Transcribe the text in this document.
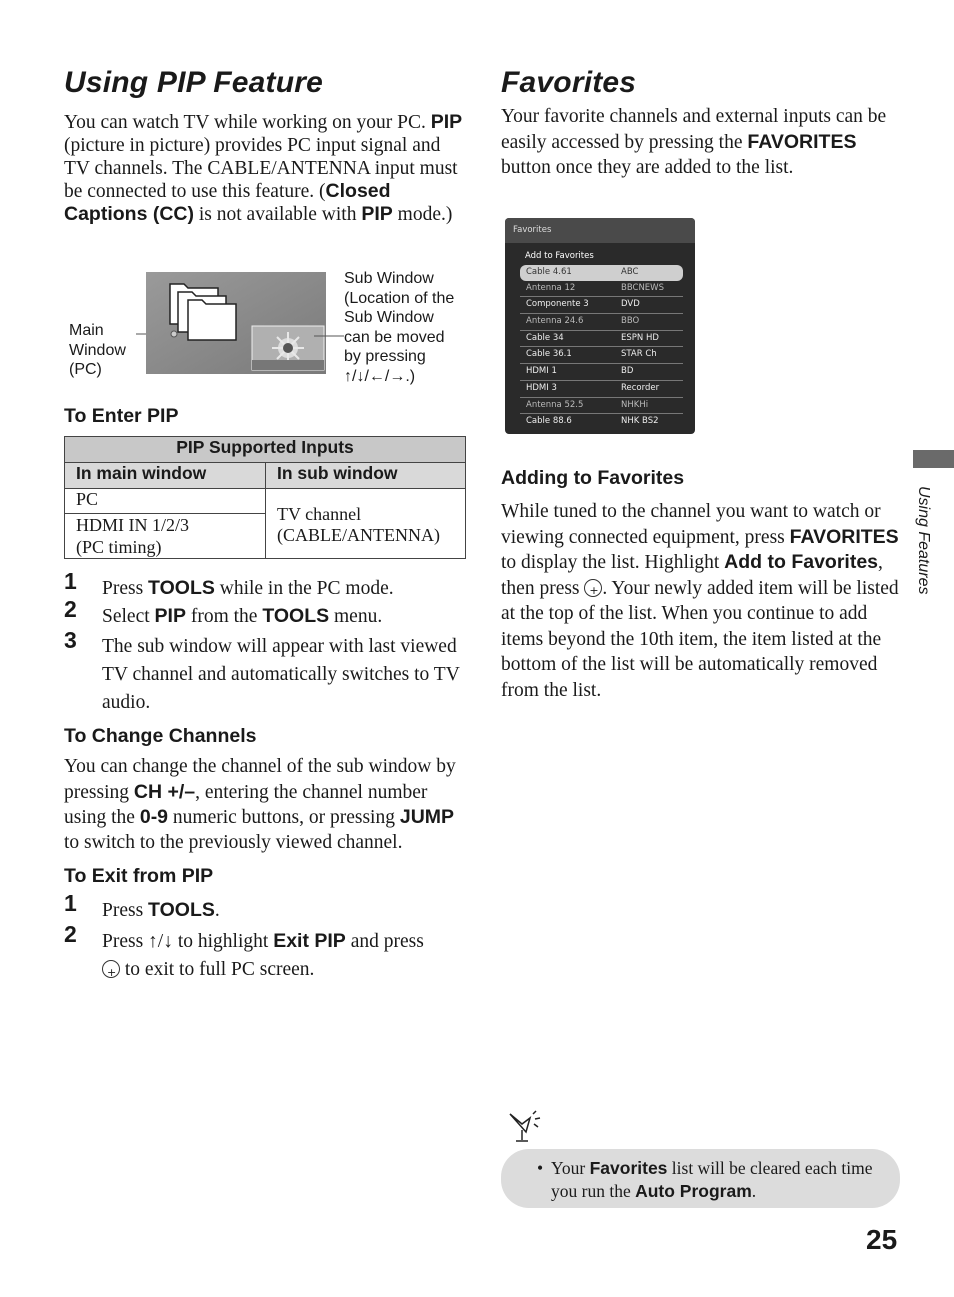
Using PIP Feature
You can watch TV while working on your PC. PIP (picture in picture) provides PC input signal and TV channels. The CABLE/ANTENNA input must be connected to use this feature. (Closed Captions (CC) is not available with PIP mode.)
Main
Window
(PC)
Sub Window
(Location of the
Sub Window
can be moved
by pressing
↑/↓/←/→.)
To Enter PIP
PIP Supported Inputs	
In main window	In sub window
PC	TV channel
(CABLE/ANTENNA)

HDMI IN 1/2/3
(PC timing)	
1 Press TOOLS while in the PC mode.
2 Select PIP from the TOOLS menu.
3 The sub window will appear with last viewed TV channel and automatically switches to TV audio.
To Change Channels
You can change the channel of the sub window by pressing CH +/–, entering the channel number using the 0-9 numeric buttons, or pressing JUMP to switch to the previously viewed channel.
To Exit from PIP
1 Press TOOLS.
2 Press ↑/↓ to highlight Exit PIP and press
+ to exit to full PC screen.
Favorites
Your favorite channels and external inputs can be easily accessed by pressing the FAVORITES button once they are added to the list.
Favorites
Add to Favorites
Cable 4.61	ABC
Antenna 12	BBCNEWS
Componente 3	DVD
Antenna 24.6	BBO
Cable 34	ESPN HD
Cable 36.1	STAR Ch
HDMI 1	BD
HDMI 3	Recorder
Antenna 52.5	NHKHi
Cable 88.6	NHK BS2
Adding to Favorites
While tuned to the channel you want to watch or viewing connected equipment, press FAVORITES to display the list. Highlight Add to Favorites, then press +. Your newly added item will be listed at the top of the list. When you continue to add items beyond the 10th item, the item listed at the bottom of the list will be automatically removed from the list.
• Your Favorites list will be cleared each time you run the Auto Program.
Using Features
25
